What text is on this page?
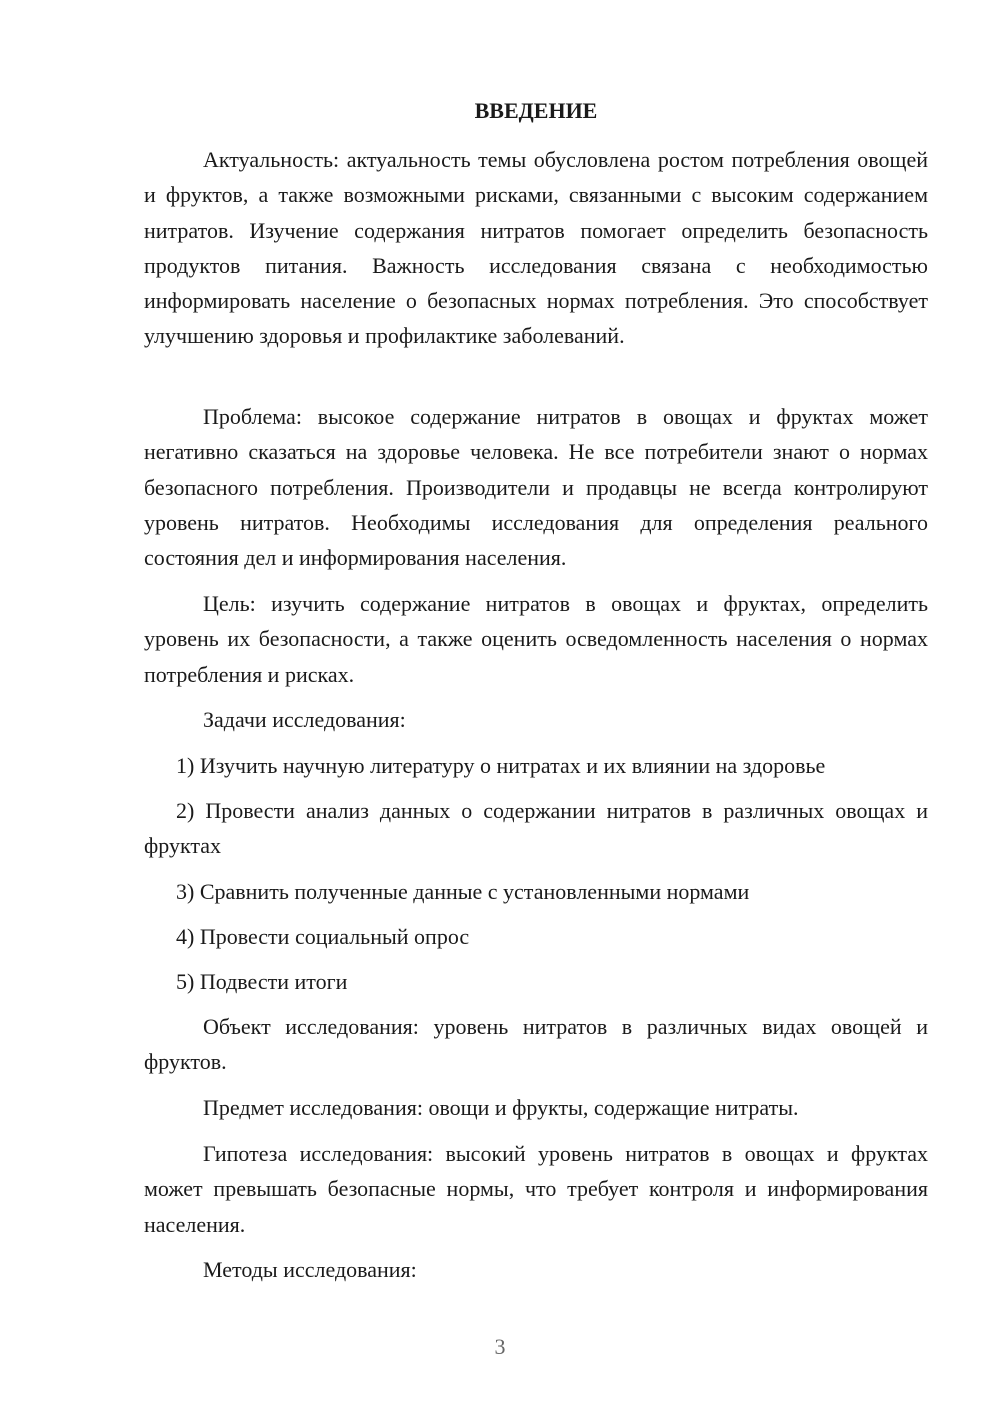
ВВЕДЕНИЕ

Актуальность: актуальность темы обусловлена ростом потребления овощей и фруктов, а также возможными рисками, связанными с высоким содержанием нитратов. Изучение содержания нитратов помогает определить безопасность продуктов питания. Важность исследования связана с необходимостью информировать население о безопасных нормах потребления. Это способствует улучшению здоровья и профилактике заболеваний.

Проблема: высокое содержание нитратов в овощах и фруктах может негативно сказаться на здоровье человека. Не все потребители знают о нормах безопасного потребления. Производители и продавцы не всегда контролируют уровень нитратов. Необходимы исследования для определения реального состояния дел и информирования населения.

Цель: изучить содержание нитратов в овощах и фруктах, определить уровень их безопасности, а также оценить осведомленность населения о нормах потребления и рисках.

Задачи исследования:

1) Изучить научную литературу о нитратах и их влиянии на здоровье

2) Провести анализ данных о содержании нитратов в различных овощах и фруктах

3) Сравнить полученные данные с установленными нормами

4) Провести социальный опрос

5) Подвести итоги

Объект исследования: уровень нитратов в различных видах овощей и фруктов.

Предмет исследования: овощи и фрукты, содержащие нитраты.

Гипотеза исследования: высокий уровень нитратов в овощах и фруктах может превышать безопасные нормы, что требует контроля и информирования населения.

Методы исследования:

3
